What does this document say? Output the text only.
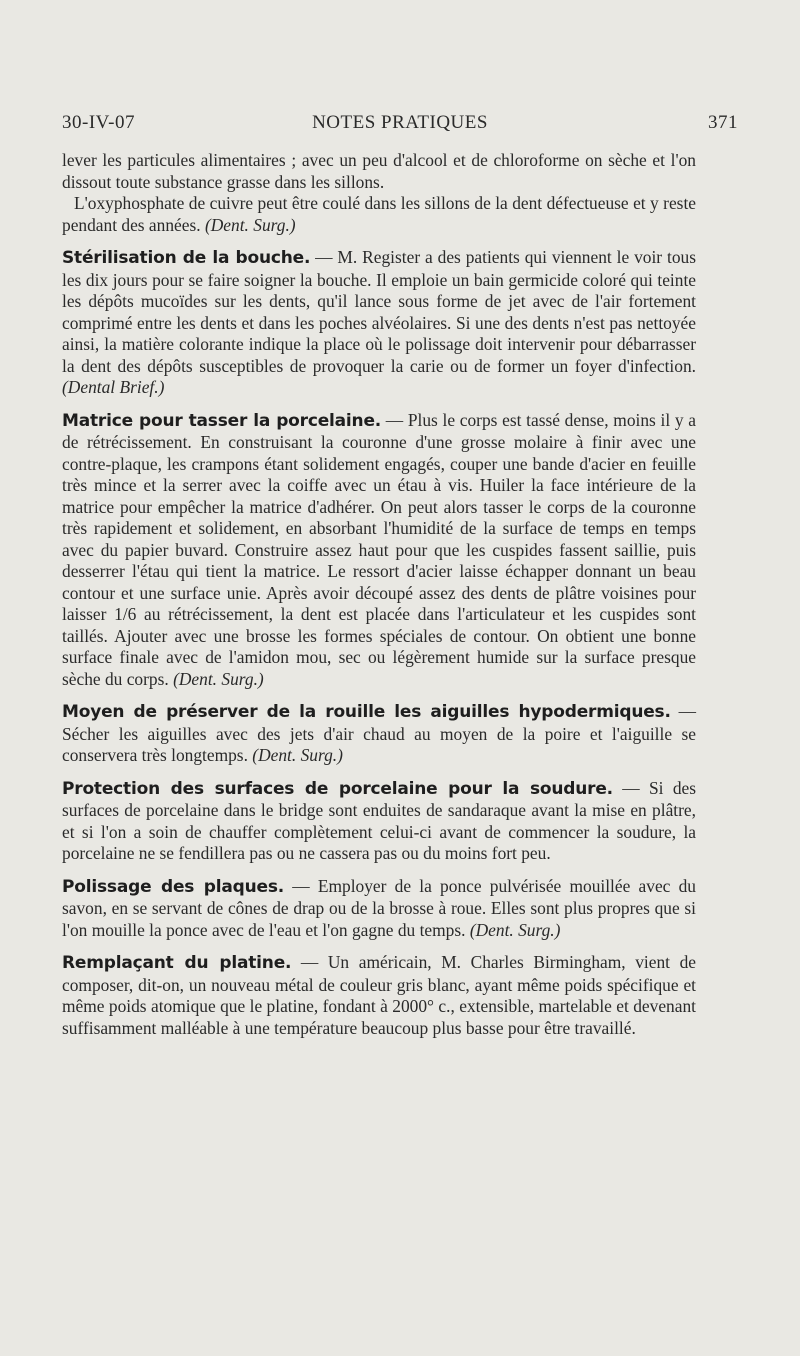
30-IV-07	NOTES PRATIQUES	371

lever les particules alimentaires ; avec un peu d'alcool et de chloroforme on sèche et l'on dissout toute substance grasse dans les sillons.

L'oxyphosphate de cuivre peut être coulé dans les sillons de la dent défectueuse et y reste pendant des années. (Dent. Surg.)

Stérilisation de la bouche. — M. Register a des patients qui viennent le voir tous les dix jours pour se faire soigner la bouche. Il emploie un bain germicide coloré qui teinte les dépôts mucoïdes sur les dents, qu'il lance sous forme de jet avec de l'air fortement comprimé entre les dents et dans les poches alvéolaires. Si une des dents n'est pas nettoyée ainsi, la matière colorante indique la place où le polissage doit intervenir pour débarrasser la dent des dépôts susceptibles de provoquer la carie ou de former un foyer d'infection. (Dental Brief.)

Matrice pour tasser la porcelaine. — Plus le corps est tassé dense, moins il y a de rétrécissement. En construisant la couronne d'une grosse molaire à finir avec une contre-plaque, les crampons étant solidement engagés, couper une bande d'acier en feuille très mince et la serrer avec la coiffe avec un étau à vis. Huiler la face intérieure de la matrice pour empêcher la matrice d'adhérer. On peut alors tasser le corps de la couronne très rapidement et solidement, en absorbant l'humidité de la surface de temps en temps avec du papier buvard. Construire assez haut pour que les cuspides fassent saillie, puis desserrer l'étau qui tient la matrice. Le ressort d'acier laisse échapper donnant un beau contour et une surface unie. Après avoir découpé assez des dents de plâtre voisines pour laisser 1/6 au rétrécissement, la dent est placée dans l'articulateur et les cuspides sont taillés. Ajouter avec une brosse les formes spéciales de contour. On obtient une bonne surface finale avec de l'amidon mou, sec ou légèrement humide sur la surface presque sèche du corps. (Dent. Surg.)

Moyen de préserver de la rouille les aiguilles hypodermiques. — Sécher les aiguilles avec des jets d'air chaud au moyen de la poire et l'aiguille se conservera très longtemps. (Dent. Surg.)

Protection des surfaces de porcelaine pour la soudure. — Si des surfaces de porcelaine dans le bridge sont enduites de sandaraque avant la mise en plâtre, et si l'on a soin de chauffer complètement celui-ci avant de commencer la soudure, la porcelaine ne se fendillera pas ou ne cassera pas ou du moins fort peu.

Polissage des plaques. — Employer de la ponce pulvérisée mouillée avec du savon, en se servant de cônes de drap ou de la brosse à roue. Elles sont plus propres que si l'on mouille la ponce avec de l'eau et l'on gagne du temps. (Dent. Surg.)

Remplaçant du platine. — Un américain, M. Charles Birmingham, vient de composer, dit-on, un nouveau métal de couleur gris blanc, ayant même poids spécifique et même poids atomique que le platine, fondant à 2000° c., extensible, martelable et devenant suffisamment malléable à une température beaucoup plus basse pour être travaillé.
